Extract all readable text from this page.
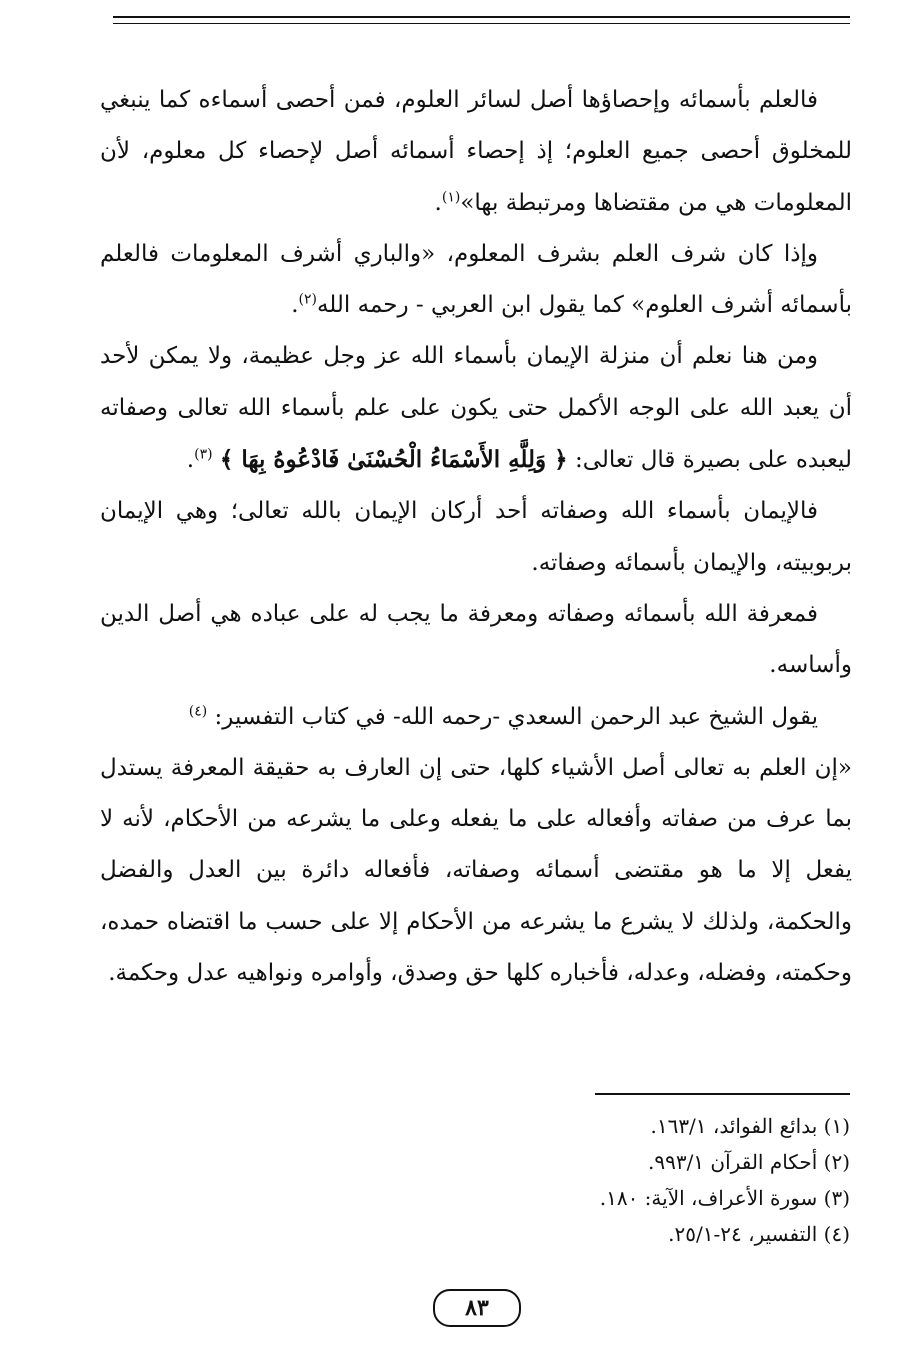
فالعلم بأسمائه وإحصاؤها أصل لسائر العلوم، فمن أحصى أسماءه كما ينبغي للمخلوق أحصى جميع العلوم؛ إذ إحصاء أسمائه أصل لإحصاء كل معلوم، لأن المعلومات هي من مقتضاها ومرتبطة بها»$^{(١)}$.

وإذا كان شرف العلم بشرف المعلوم، «والباري أشرف المعلومات فالعلم بأسمائه أشرف العلوم» كما يقول ابن العربي - رحمه الله$^{(٢)}$.

ومن هنا نعلم أن منزلة الإيمان بأسماء الله عز وجل عظيمة، ولا يمكن لأحد أن يعبد الله على الوجه الأكمل حتى يكون على علم بأسماء الله تعالى وصفاته ليعبده على بصيرة قال تعالى: ﴿ وَلِلَّهِ الأَسْمَاءُ الْحُسْنَىٰ فَادْعُوهُ بِهَا ﴾ $^{(٣)}$.

فالإيمان بأسماء الله وصفاته أحد أركان الإيمان بالله تعالى؛ وهي الإيمان بربوبيته، والإيمان بأسمائه وصفاته.

فمعرفة الله بأسمائه وصفاته ومعرفة ما يجب له على عباده هي أصل الدين وأساسه.

يقول الشيخ عبد الرحمن السعدي -رحمه الله- في كتاب التفسير: $^{(٤)}$

«إن العلم به تعالى أصل الأشياء كلها، حتى إن العارف به حقيقة المعرفة يستدل بما عرف من صفاته وأفعاله على ما يفعله وعلى ما يشرعه من الأحكام، لأنه لا يفعل إلا ما هو مقتضى أسمائه وصفاته، فأفعاله دائرة بين العدل والفضل والحكمة، ولذلك لا يشرع ما يشرعه من الأحكام إلا على حسب ما اقتضاه حمده، وحكمته، وفضله، وعدله، فأخباره كلها حق وصدق، وأوامره ونواهيه عدل وحكمة.

(١) بدائع الفوائد، ١٦٣/١.
(٢) أحكام القرآن ٩٩٣/١.
(٣) سورة الأعراف، الآية: ١٨٠.
(٤) التفسير، ٢٤-٢٥/١.
٨٣
